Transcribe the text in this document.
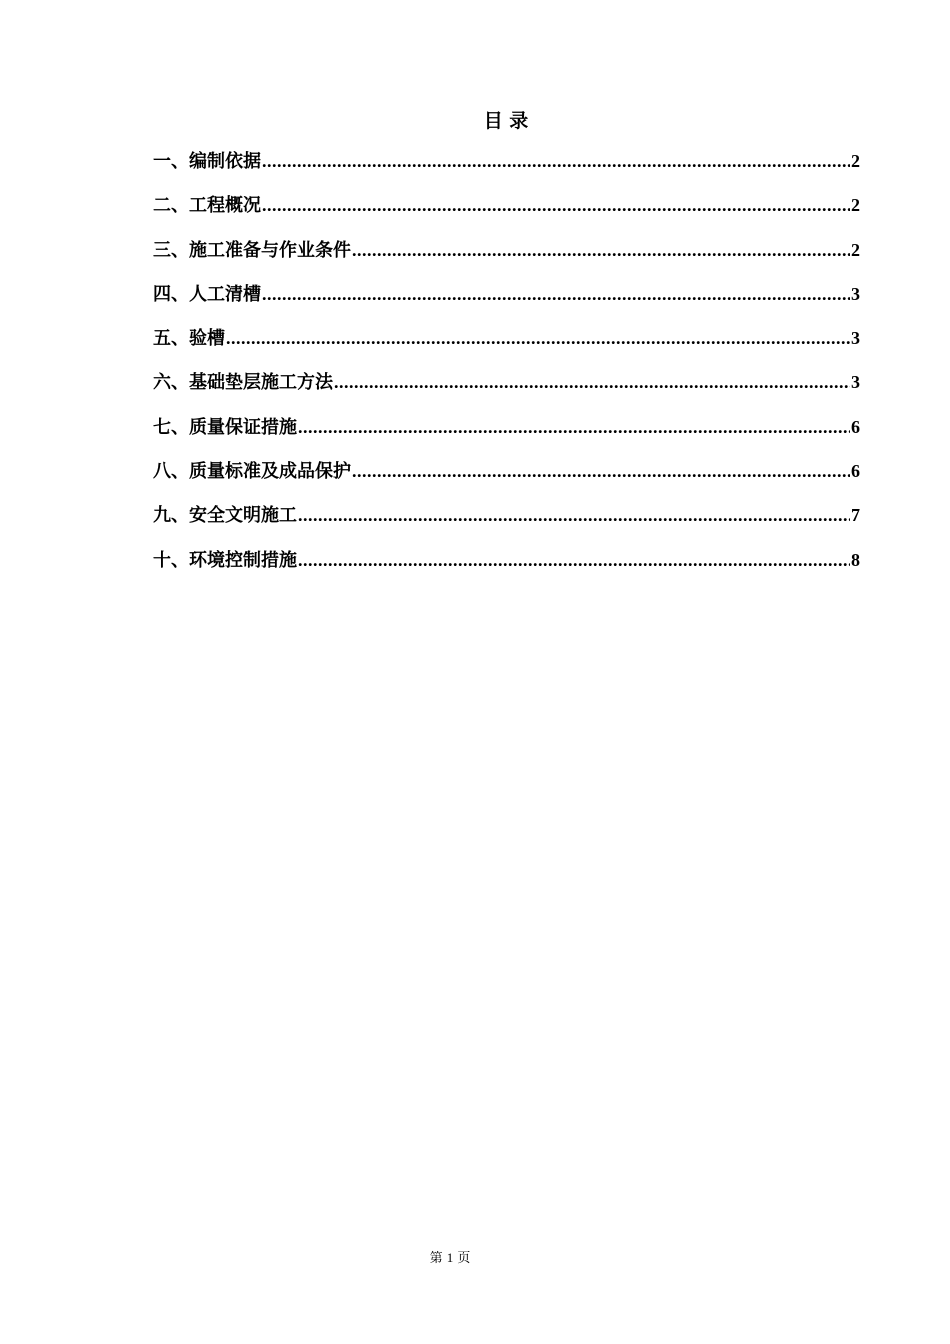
目 录
一、编制依据 .....	2
二、工程概况 .....	2
三、施工准备与作业条件 .....	2
四、人工清槽 .....	3
五、验槽 .....	3
六、基础垫层施工方法 .....	3
七、质量保证措施 .....	6
八、质量标准及成品保护 .....	6
九、安全文明施工 .....	7
十、环境控制措施 .....	8
第 1 页
